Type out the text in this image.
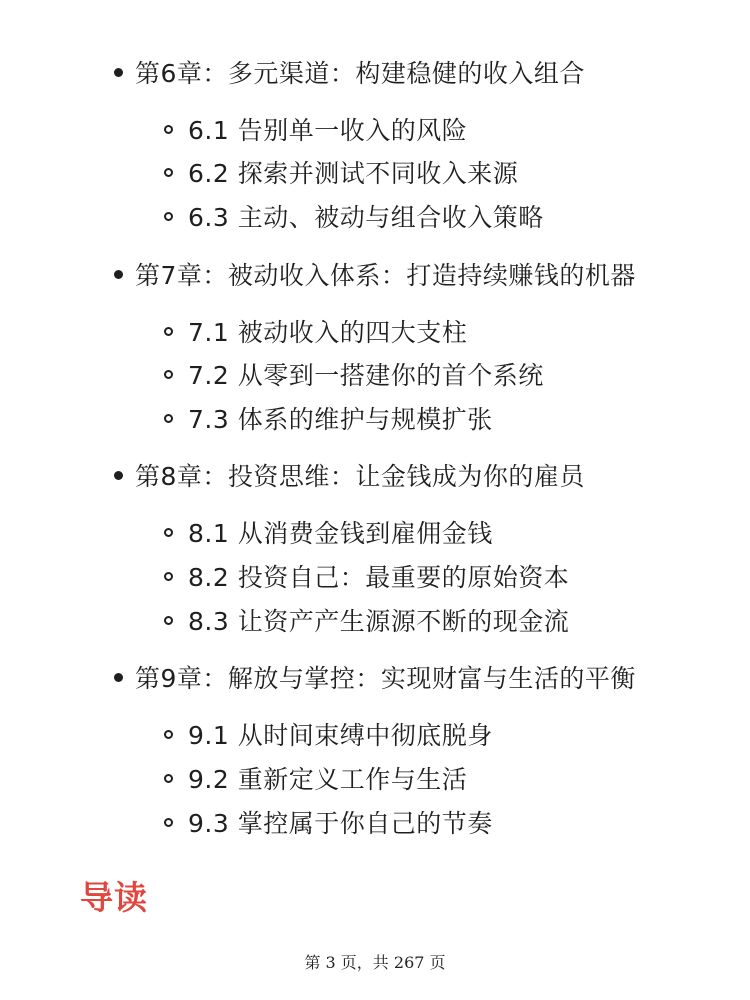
第6章：多元渠道：构建稳健的收入组合
6.1 告别单一收入的风险
6.2 探索并测试不同收入来源
6.3 主动、被动与组合收入策略
第7章：被动收入体系：打造持续赚钱的机器
7.1 被动收入的四大支柱
7.2 从零到一搭建你的首个系统
7.3 体系的维护与规模扩张
第8章：投资思维：让金钱成为你的雇员
8.1 从消费金钱到雇佣金钱
8.2 投资自己：最重要的原始资本
8.3 让资产产生源源不断的现金流
第9章：解放与掌控：实现财富与生活的平衡
9.1 从时间束缚中彻底脱身
9.2 重新定义工作与生活
9.3 掌控属于你自己的节奏
导读
第 3 页，共 267 页
